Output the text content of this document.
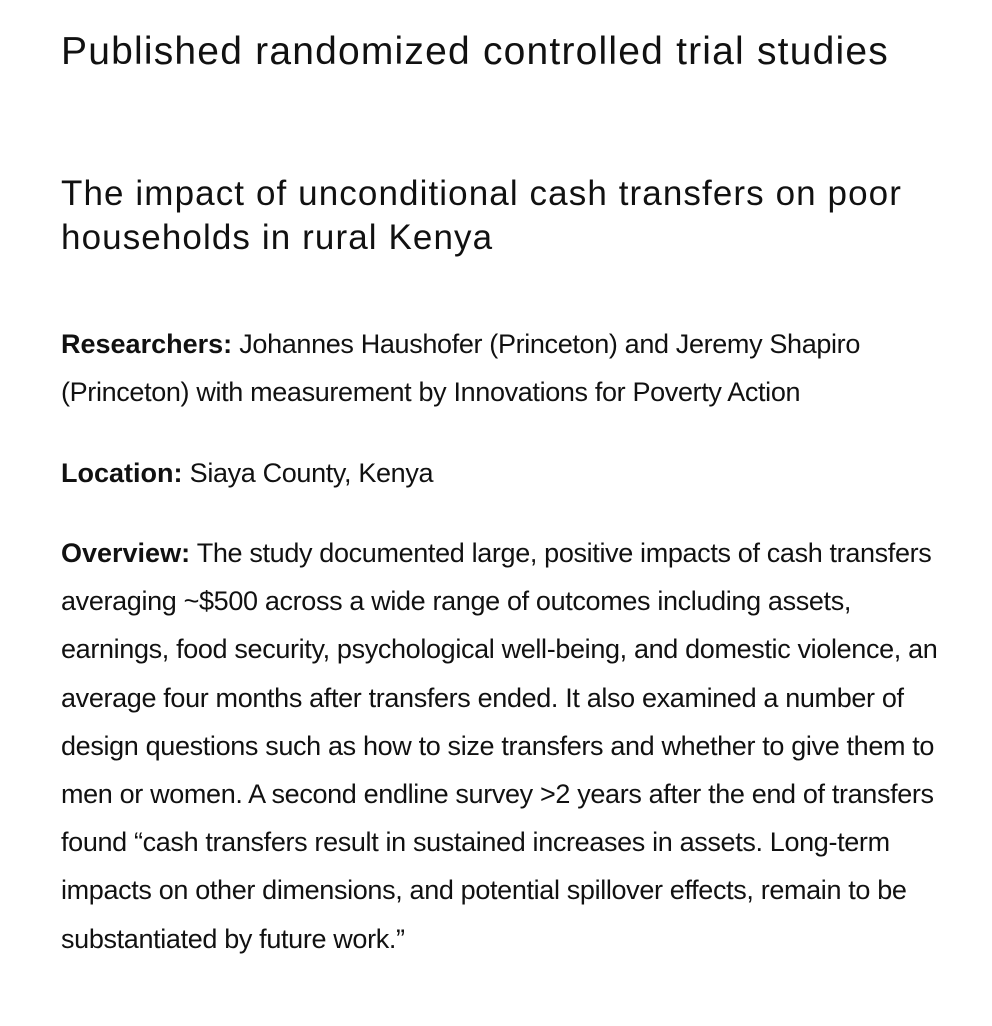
Published randomized controlled trial studies
The impact of unconditional cash transfers on poor households in rural Kenya

Researchers: Johannes Haushofer (Princeton) and Jeremy Shapiro (Princeton) with measurement by Innovations for Poverty Action

Location: Siaya County, Kenya

Overview: The study documented large, positive impacts of cash transfers averaging ~$500 across a wide range of outcomes including assets, earnings, food security, psychological well-being, and domestic violence, an average four months after transfers ended. It also examined a number of design questions such as how to size transfers and whether to give them to men or women. A second endline survey >2 years after the end of transfers found “cash transfers result in sustained increases in assets. Long-term impacts on other dimensions, and potential spillover effects, remain to be substantiated by future work.”
